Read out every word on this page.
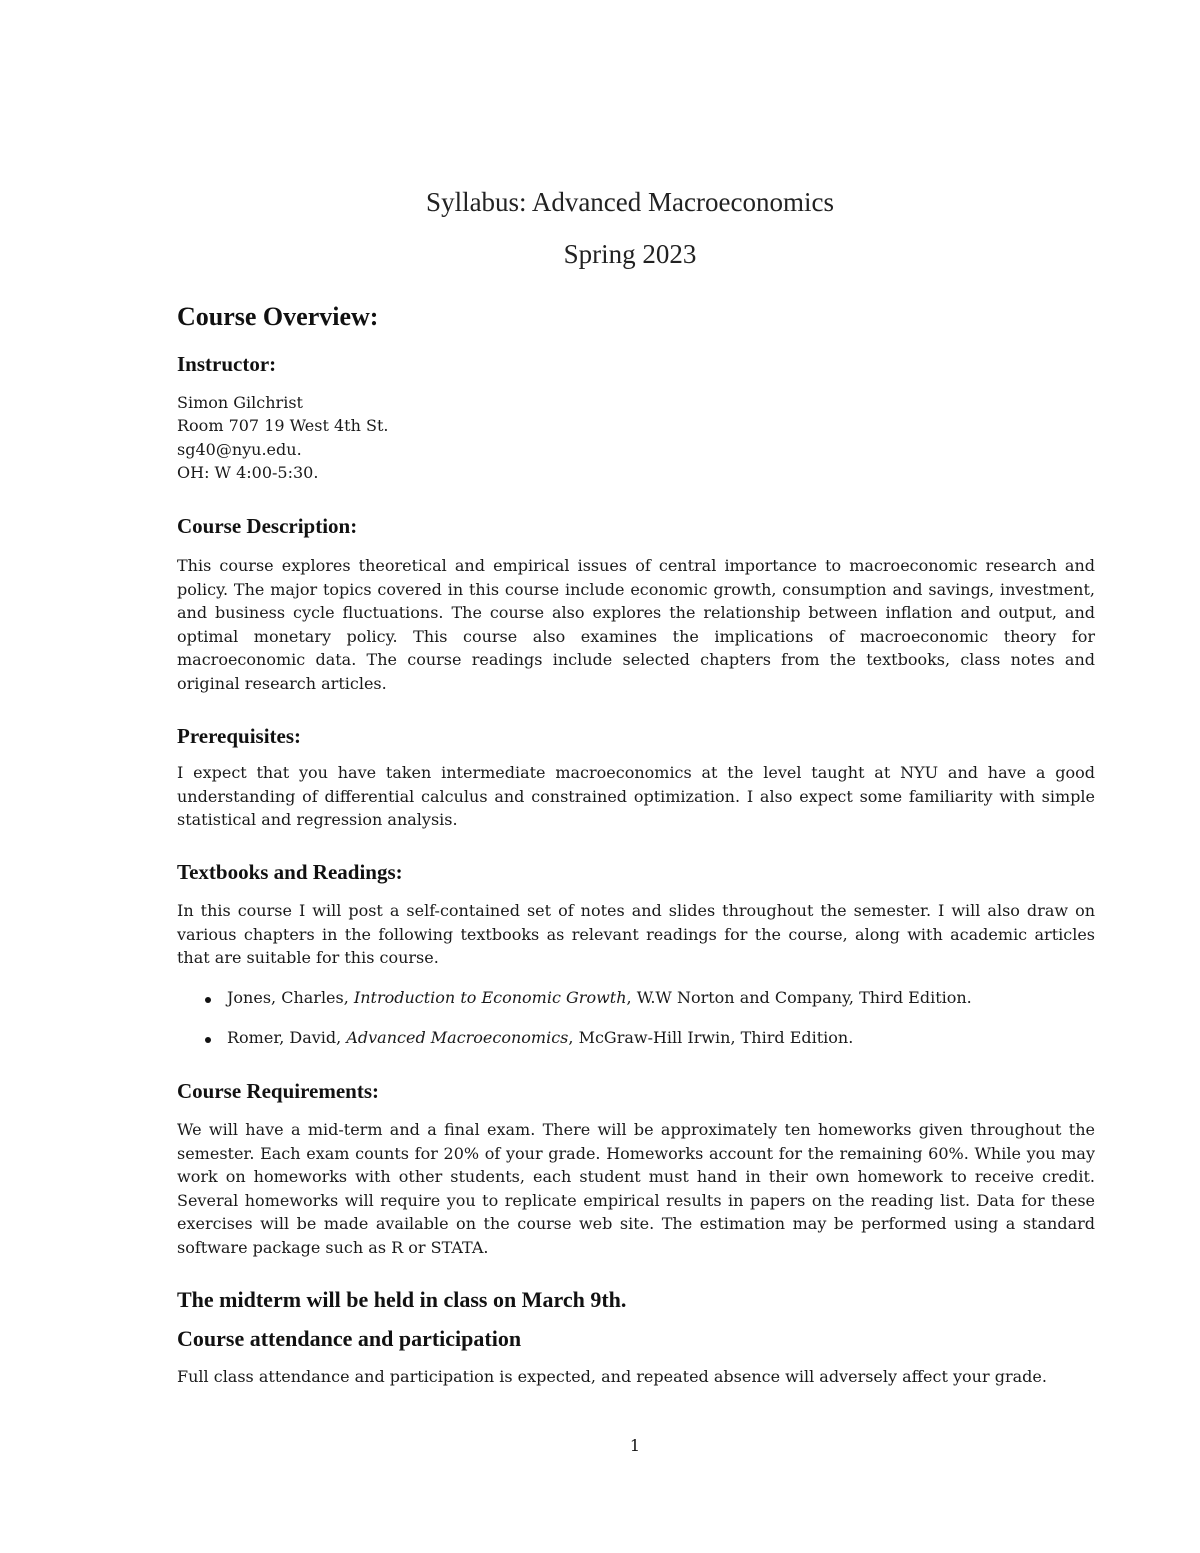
Syllabus: Advanced Macroeconomics
Spring 2023
Course Overview:
Instructor:
Simon Gilchrist
Room 707 19 West 4th St.
sg40@nyu.edu.
OH: W 4:00-5:30.
Course Description:
This course explores theoretical and empirical issues of central importance to macroeconomic research and policy. The major topics covered in this course include economic growth, consumption and savings, investment, and business cycle fluctuations. The course also explores the relationship between inflation and output, and optimal monetary policy. This course also examines the implications of macroeconomic theory for macroeconomic data. The course readings include selected chapters from the textbooks, class notes and original research articles.
Prerequisites:
I expect that you have taken intermediate macroeconomics at the level taught at NYU and have a good understanding of differential calculus and constrained optimization. I also expect some familiarity with simple statistical and regression analysis.
Textbooks and Readings:
In this course I will post a self-contained set of notes and slides throughout the semester. I will also draw on various chapters in the following textbooks as relevant readings for the course, along with academic articles that are suitable for this course.
Jones, Charles, Introduction to Economic Growth, W.W Norton and Company, Third Edition.
Romer, David, Advanced Macroeconomics, McGraw-Hill Irwin, Third Edition.
Course Requirements:
We will have a mid-term and a final exam. There will be approximately ten homeworks given throughout the semester. Each exam counts for 20% of your grade. Homeworks account for the remaining 60%. While you may work on homeworks with other students, each student must hand in their own homework to receive credit. Several homeworks will require you to replicate empirical results in papers on the reading list. Data for these exercises will be made available on the course web site. The estimation may be performed using a standard software package such as R or STATA.
The midterm will be held in class on March 9th.
Course attendance and participation
Full class attendance and participation is expected, and repeated absence will adversely affect your grade.
1
